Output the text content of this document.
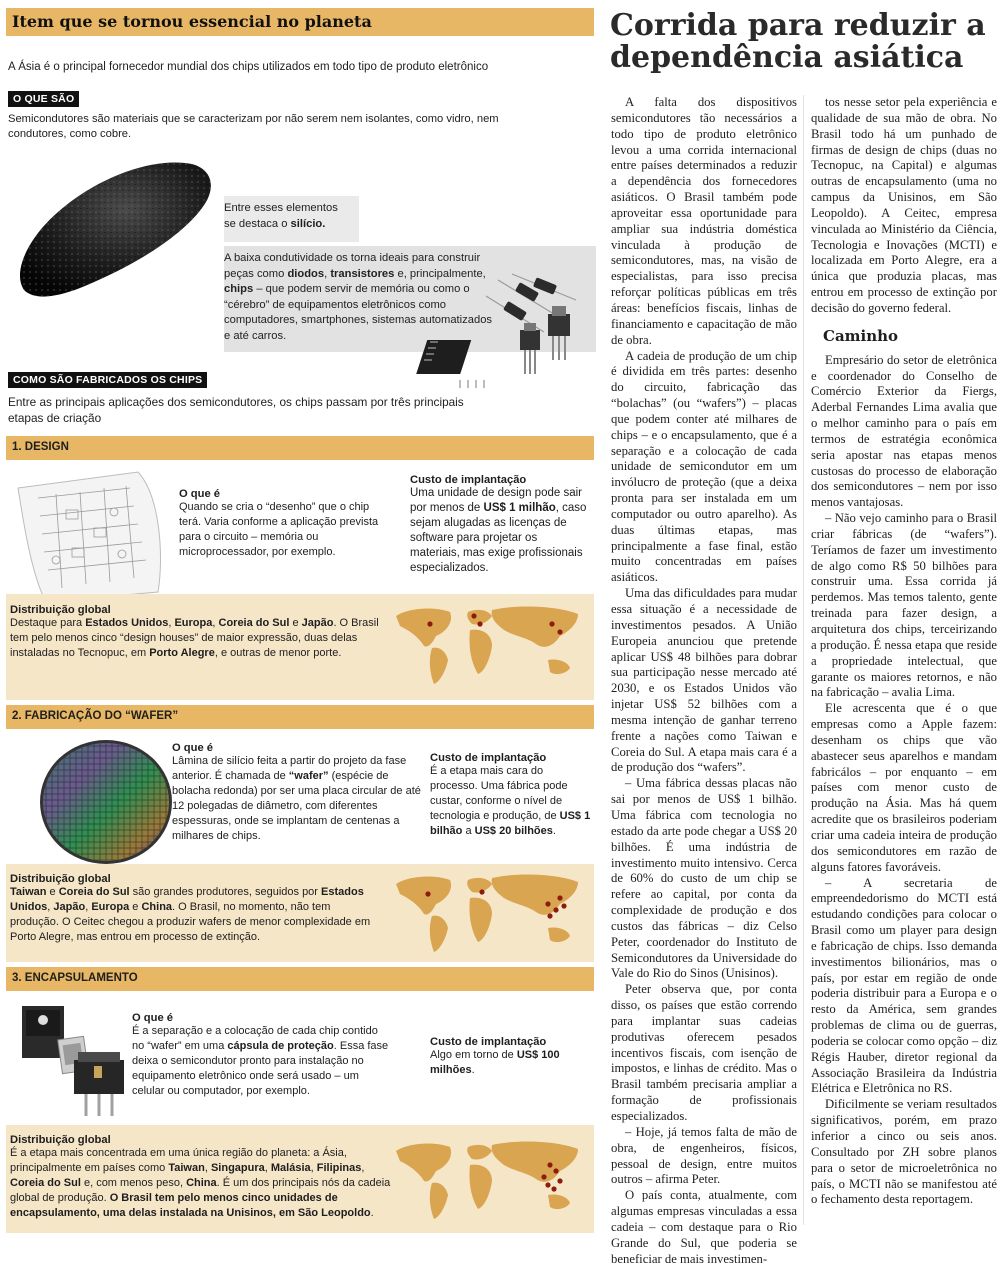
Item que se tornou essencial no planeta
A Ásia é o principal fornecedor mundial dos chips utilizados em todo tipo de produto eletrônico
O QUE SÃO
Semicondutores são materiais que se caracterizam por não serem nem isolantes, como vidro, nem condutores, como cobre.
Entre esses elementos
se destaca o silício.
A baixa condutividade os torna ideais para construir peças como diodos, transistores e, principalmente, chips – que podem servir de memória ou como o “cérebro” de equipamentos eletrônicos como computadores, smartphones, sistemas automatizados e até carros.
COMO SÃO FABRICADOS OS CHIPS
Entre as principais aplicações dos semicondutores, os chips passam por três principais etapas de criação
1. DESIGN
O que é
Quando se cria o “desenho” que o chip terá. Varia conforme a aplicação prevista para o circuito – memória ou microprocessador, por exemplo.
Custo de implantação
Uma unidade de design pode sair por menos de US$ 1 milhão, caso sejam alugadas as licenças de software para projetar os materiais, mas exige profissionais especializados.
Distribuição global
Destaque para Estados Unidos, Europa, Coreia do Sul e Japão. O Brasil tem pelo menos cinco “design houses” de maior expressão, duas delas instaladas no Tecnopuc, em Porto Alegre, e outras de menor porte.
2. FABRICAÇÃO DO “WAFER”
O que é
Lâmina de silício feita a partir do projeto da fase anterior. É chamada de “wafer” (espécie de bolacha redonda) por ser uma placa circular de até 12 polegadas de diâmetro, com diferentes espessuras, onde se implantam de centenas a milhares de chips.
Custo de implantação
É a etapa mais cara do processo. Uma fábrica pode custar, conforme o nível de tecnologia e produção, de US$ 1 bilhão a US$ 20 bilhões.
Distribuição global
Taiwan e Coreia do Sul são grandes produtores, seguidos por Estados Unidos, Japão, Europa e China. O Brasil, no momento, não tem produção. O Ceitec chegou a produzir wafers de menor complexidade em Porto Alegre, mas entrou em processo de extinção.
3. ENCAPSULAMENTO
O que é
É a separação e a colocação de cada chip contido no “wafer” em uma cápsula de proteção. Essa fase deixa o semicondutor pronto para instalação no equipamento eletrônico onde será usado – um celular ou computador, por exemplo.
Custo de implantação
Algo em torno de US$ 100 milhões.
Distribuição global
É a etapa mais concentrada em uma única região do planeta: a Ásia, principalmente em países como Taiwan, Singapura, Malásia, Filipinas, Coreia do Sul e, com menos peso, China. É um dos principais nós da cadeia global de produção. O Brasil tem pelo menos cinco unidades de encapsulamento, uma delas instalada na Unisinos, em São Leopoldo.
Corrida para reduzir a dependência asiática

A falta dos dispositivos semicondutores tão necessários a todo tipo de produto eletrônico levou a uma corrida internacional entre países determinados a reduzir a dependência dos fornecedores asiáticos. O Brasil também pode aproveitar essa oportunidade para ampliar sua indústria doméstica vinculada à produção de semicondutores, mas, na visão de especialistas, para isso precisa reforçar políticas públicas em três áreas: benefícios fiscais, linhas de financiamento e capacitação de mão de obra.

A cadeia de produção de um chip é dividida em três partes: desenho do circuito, fabricação das “bolachas” (ou “wafers”) – placas que podem conter até milhares de chips – e o encapsulamento, que é a separação e a colocação de cada unidade de semicondutor em um invólucro de proteção (que a deixa pronta para ser instalada em um computador ou outro aparelho). As duas últimas etapas, mas principalmente a fase final, estão muito concentradas em países asiáticos.

Uma das dificuldades para mudar essa situação é a necessidade de investimentos pesados. A União Europeia anunciou que pretende aplicar US$ 48 bilhões para dobrar sua participação nesse mercado até 2030, e os Estados Unidos vão injetar US$ 52 bilhões com a mesma intenção de ganhar terreno frente a nações como Taiwan e Coreia do Sul. A etapa mais cara é a de produção dos “wafers”.

– Uma fábrica dessas placas não sai por menos de US$ 1 bilhão. Uma fábrica com tecnologia no estado da arte pode chegar a US$ 20 bilhões. É uma indústria de investimento muito intensivo. Cerca de 60% do custo de um chip se refere ao capital, por conta da complexidade de produção e dos custos das fábricas – diz Celso Peter, coordenador do Instituto de Semicondutores da Universidade do Vale do Rio do Sinos (Unisinos).

Peter observa que, por conta disso, os países que estão correndo para implantar suas cadeias produtivas oferecem pesados incentivos fiscais, com isenção de impostos, e linhas de crédito. Mas o Brasil também precisaria ampliar a formação de profissionais especializados.

– Hoje, já temos falta de mão de obra, de engenheiros, físicos, pessoal de design, entre muitos outros – afirma Peter.

O país conta, atualmente, com algumas empresas vinculadas a essa cadeia – com destaque para o Rio Grande do Sul, que poderia se beneficiar de mais investimen-

tos nesse setor pela experiência e qualidade de sua mão de obra. No Brasil todo há um punhado de firmas de design de chips (duas no Tecnopuc, na Capital) e algumas outras de encapsulamento (uma no campus da Unisinos, em São Leopoldo). A Ceitec, empresa vinculada ao Ministério da Ciência, Tecnologia e Inovações (MCTI) e localizada em Porto Alegre, era a única que produzia placas, mas entrou em processo de extinção por decisão do governo federal.

Caminho

Empresário do setor de eletrônica e coordenador do Conselho de Comércio Exterior da Fiergs, Aderbal Fernandes Lima avalia que o melhor caminho para o país em termos de estratégia econômica seria apostar nas etapas menos custosas do processo de elaboração dos semicondutores – nem por isso menos vantajosas.

– Não vejo caminho para o Brasil criar fábricas (de “wafers”). Teríamos de fazer um investimento de algo como R$ 50 bilhões para construir uma. Essa corrida já perdemos. Mas temos talento, gente treinada para fazer design, a arquitetura dos chips, terceirizando a produção. É nessa etapa que reside a propriedade intelectual, que garante os maiores retornos, e não na fabricação – avalia Lima.

Ele acrescenta que é o que empresas como a Apple fazem: desenham os chips que vão abastecer seus aparelhos e mandam fabricálos – por enquanto – em países com menor custo de produção na Ásia. Mas há quem acredite que os brasileiros poderiam criar uma cadeia inteira de produção dos semicondutores em razão de alguns fatores favoráveis.

– A secretaria de empreendedorismo do MCTI está estudando condições para colocar o Brasil como um player para design e fabricação de chips. Isso demanda investimentos bilionários, mas o país, por estar em região de onde poderia distribuir para a Europa e o resto da América, sem grandes problemas de clima ou de guerras, poderia se colocar como opção – diz Régis Hauber, diretor regional da Associação Brasileira da Indústria Elétrica e Eletrônica no RS.

Dificilmente se veriam resultados significativos, porém, em prazo inferior a cinco ou seis anos. Consultado por ZH sobre planos para o setor de microeletrônica no país, o MCTI não se manifestou até o fechamento desta reportagem.
